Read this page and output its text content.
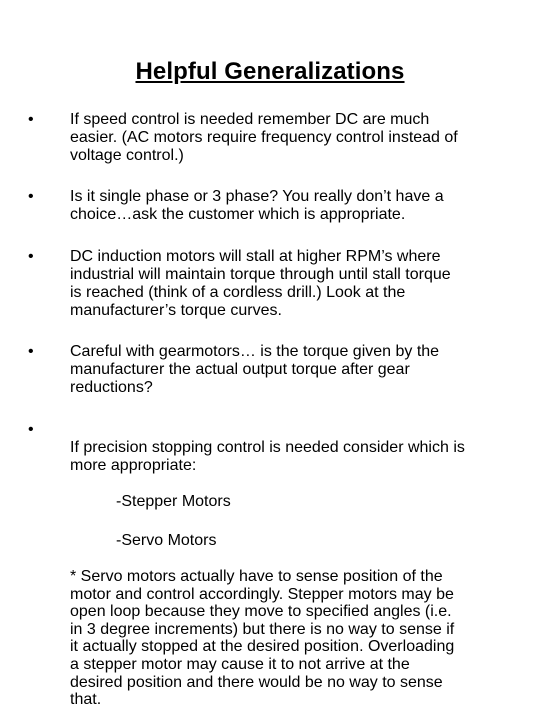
Helpful Generalizations
• If speed control is needed remember DC are much
easier. (AC motors require frequency control instead of
voltage control.)
• Is it single phase or 3 phase? You really don’t have a
choice…ask the customer which is appropriate.
• DC induction motors will stall at higher RPM’s where
industrial will maintain torque through until stall torque
is reached (think of a cordless drill.) Look at the
manufacturer’s torque curves.
• Careful with gearmotors… is the torque given by the
manufacturer the actual output torque after gear
reductions?
•

If precision stopping control is needed consider which is
more appropriate:

-Stepper Motors

-Servo Motors

* Servo motors actually have to sense position of the
motor and control accordingly. Stepper motors may be
open loop because they move to specified angles (i.e.
in 3 degree increments) but there is no way to sense if
it actually stopped at the desired position. Overloading
a stepper motor may cause it to not arrive at the
desired position and there would be no way to sense
that.
